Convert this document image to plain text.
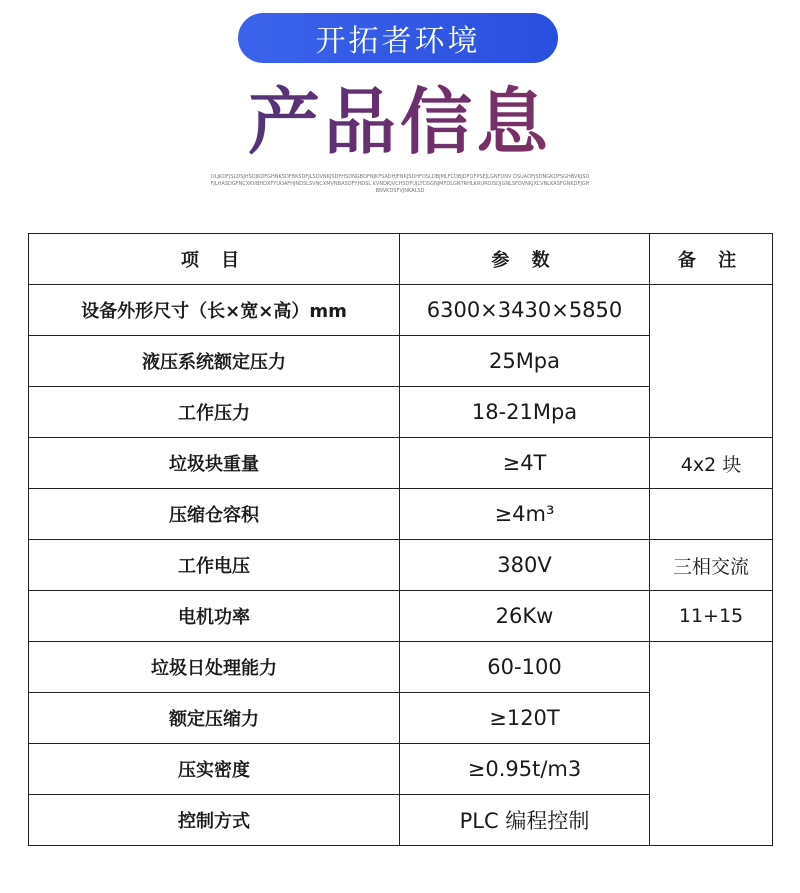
开拓者环境
产品信息
OLJKDFJSLDSJHSDJKDFGHNKSDFBKSDFJLSDVNKJSDFHSDNGBDFNJKFSADHJFNKJSDHFOSLDBJMLFCDBJDFOFPSEJLGNFDNV OSUAOFJSDNGKDFSGHBVKJSDFJLHASDGFNCXKVBHDXFYUOAFHJNDSLSVNCXMVNBASDFYHDSL KVNDKJVCHSDFUJLFDSGNJMFDLGNTRHLKRUROISDJGNLSFDVNKJXCVNLKASFGNKDFJGHBNVKDSFVJNKALSD
项 目	参 数	备 注
设备外形尺寸（长×宽×高）mm	6300×3430×5850	
液压系统额定压力	25Mpa	
工作压力	18-21Mpa	
垃圾块重量	≥4T	4x2 块
压缩仓容积	≥4m³	
工作电压	380V	三相交流
电机功率	26Kw	11+15
垃圾日处理能力	60-100	
额定压缩力	≥120T	
压实密度	≥0.95t/m3	
控制方式	PLC 编程控制	
